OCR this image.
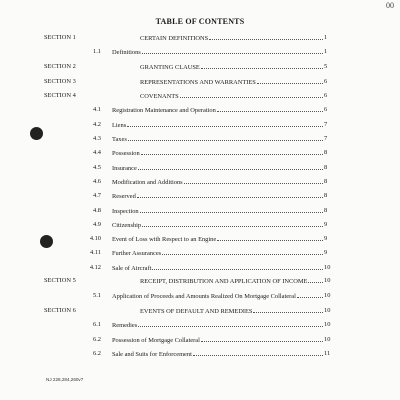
00
TABLE OF CONTENTS
SECTION 1	CERTAIN DEFINITIONS	1
1.1 Definitions	1
SECTION 2	GRANTING CLAUSE	5
SECTION 3	REPRESENTATIONS AND WARRANTIES	6
SECTION 4	COVENANTS	6
4.1 Registration Maintenance and Operation	6
4.2 Liens	7
4.3 Taxes	7
4.4 Possession	8
4.5 Insurance	8
4.6 Modification and Additions	8
4.7 Reserved	8
4.8 Inspection	8
4.9 Citizenship	9
4.10 Event of Loss with Respect to an Engine	9
4.11 Further Assurances	9
4.12 Sale of Aircraft	10
SECTION 5	RECEIPT, DISTRIBUTION AND APPLICATION OF INCOME	10
5.1 Application of Proceeds and Amounts Realized On Mortgage Collateral	10
SECTION 6	EVENTS OF DEFAULT AND REMEDIES	10
6.1 Remedies	10
6.2 Possession of Mortgage Collateral	10
6.2 Sale and Suits for Enforcement	11
NJ 228,284,260v7
